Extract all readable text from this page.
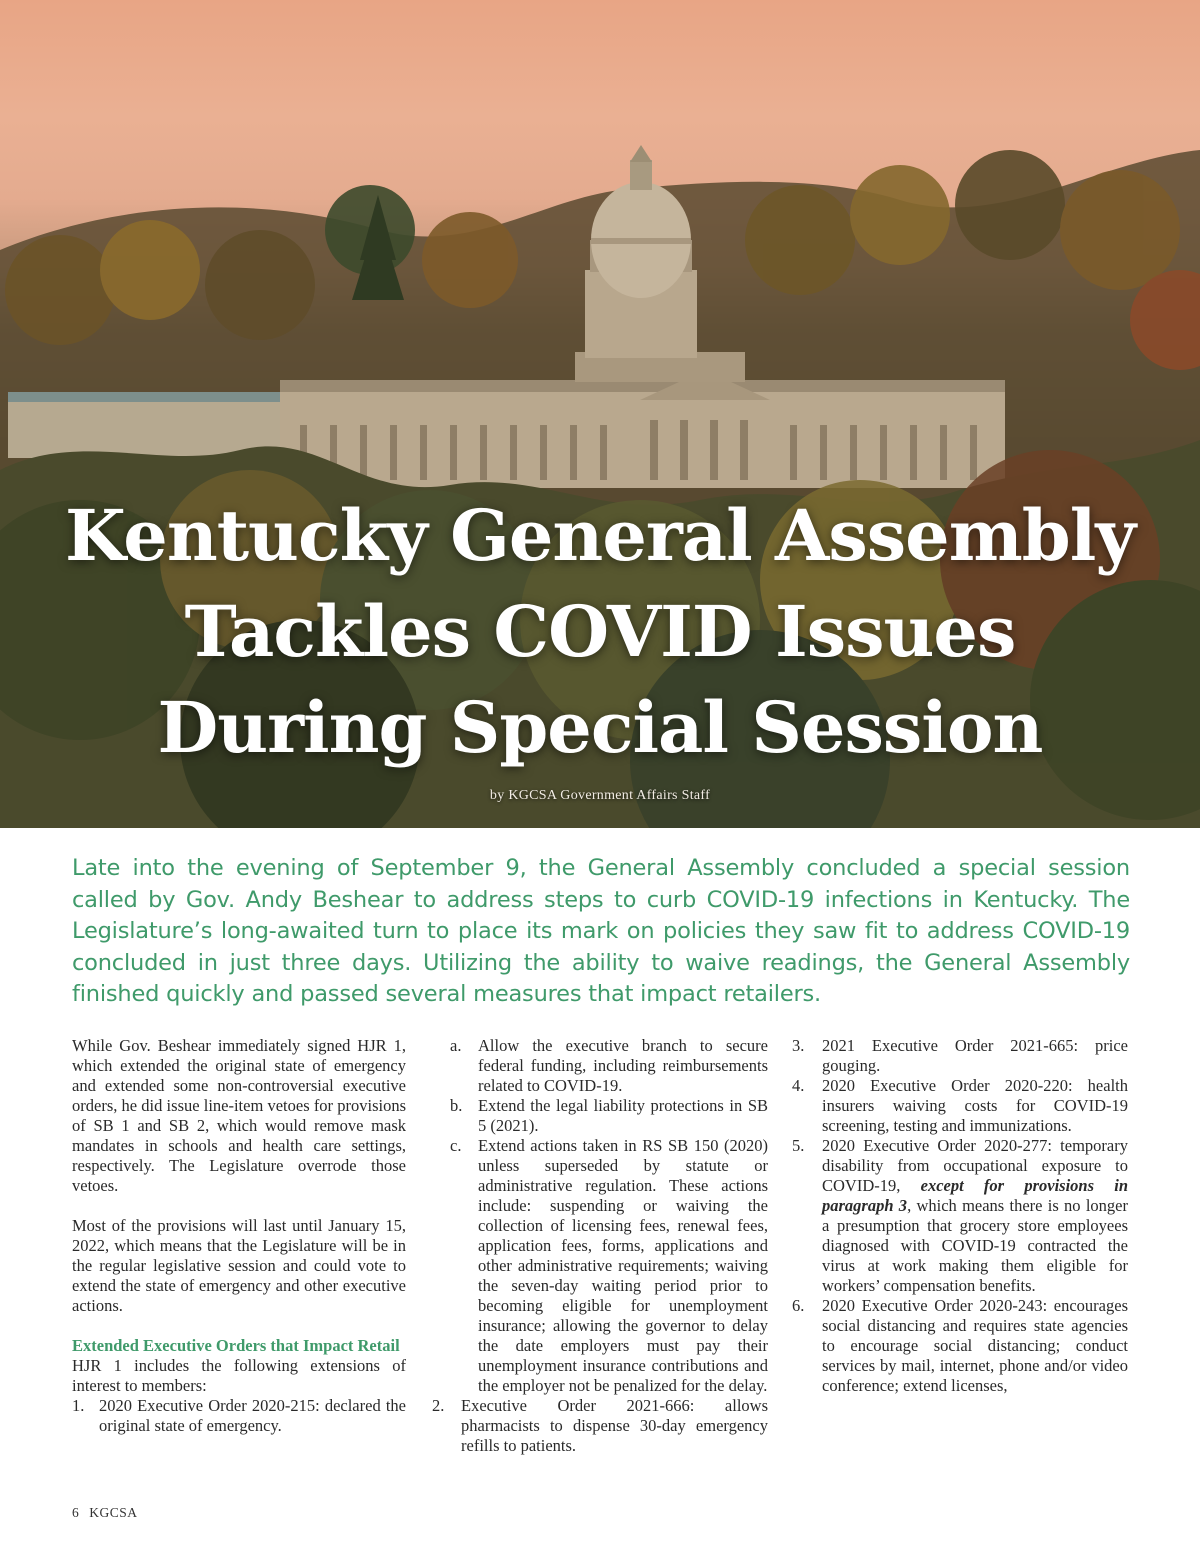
Kentucky General Assembly
Tackles COVID Issues
During Special Session
by KGCSA Government Affairs Staff

Late into the evening of September 9, the General Assembly concluded a special session called by Gov. Andy Beshear to address steps to curb COVID-19 infections in Kentucky. The Legislature’s long-awaited turn to place its mark on policies they saw fit to address COVID-19 concluded in just three days. Utilizing the ability to waive readings, the General Assembly finished quickly and passed several measures that impact retailers.

While Gov. Beshear immediately signed HJR 1, which extended the original state of emergency and extended some non-controversial executive orders, he did issue line-item vetoes for provisions of SB 1 and SB 2, which would remove mask mandates in schools and health care settings, respectively. The Legislature overrode those vetoes.

Most of the provisions will last until January 15, 2022, which means that the Legislature will be in the regular legislative session and could vote to extend the state of emergency and other executive actions.

Extended Executive Orders that Impact Retail

HJR 1 includes the following extensions of interest to members:

1. 2020 Executive Order 2020-215: declared the original state of emergency.
a. Allow the executive branch to secure federal funding, including reimbursements related to COVID-19.
b. Extend the legal liability protections in SB 5 (2021).
c. Extend actions taken in RS SB 150 (2020) unless superseded by statute or administrative regulation. These actions include: suspending or waiving the collection of licensing fees, renewal fees, application fees, forms, applications and other administrative requirements; waiving the seven-day waiting period prior to becoming eligible for unemployment insurance; allowing the governor to delay the date employers must pay their unemployment insurance contributions and the employer not be penalized for the delay.
2. Executive Order 2021-666: allows pharmacists to dispense 30-day emergency refills to patients.
3. 2021 Executive Order 2021-665: price gouging.
4. 2020 Executive Order 2020-220: health insurers waiving costs for COVID-19 screening, testing and immunizations.
5. 2020 Executive Order 2020-277: temporary disability from occupational exposure to COVID-19, except for provisions in paragraph 3, which means there is no longer a presumption that grocery store employees diagnosed with COVID-19 contracted the virus at work making them eligible for workers’ compensation benefits.
6. 2020 Executive Order 2020-243: encourages social distancing and requires state agencies to encourage social distancing; conduct services by mail, internet, phone and/or video conference; extend licenses,
6 KGCSA
